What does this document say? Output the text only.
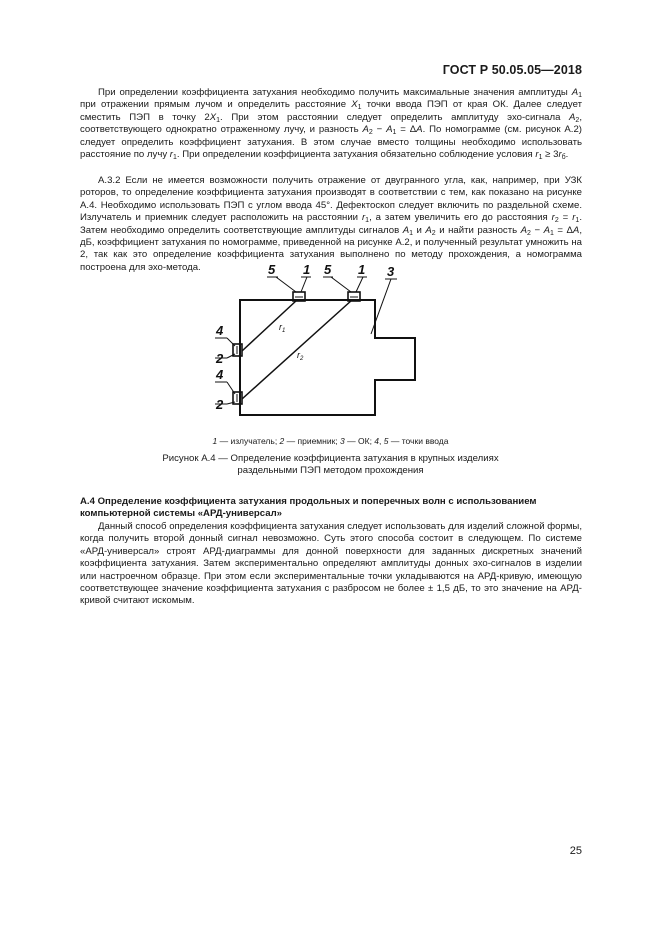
ГОСТ Р 50.05.05—2018

При определении коэффициента затухания необходимо получить максимальные значения амплитуды $A_1$ при отражении прямым лучом и определить расстояние $X_1$ точки ввода ПЭП от края ОК. Далее следует сместить ПЭП в точку $2X_1$. При этом расстоянии следует определить амплитуду эхо-сигнала $A_2$, соответствующего однократно отраженному лучу, и разность $A_2 - A_1 = \Delta A$. По номограмме (см. рисунок А.2) следует определить коэффициент затухания. В этом случае вместо толщины необходимо использовать расстояние по лучу $r_1$. При определении коэффициента затухания обязательно соблюдение условия $r_1 \ge 3r_б$.

А.3.2 Если не имеется возможности получить отражение от двугранного угла, как, например, при УЗК роторов, то определение коэффициента затухания производят в соответствии с тем, как показано на рисунке А.4. Необходимо использовать ПЭП с углом ввода 45°. Дефектоскоп следует включить по раздельной схеме. Излучатель и приемник следует расположить на расстоянии $r_1$, а затем увеличить его до расстояния $r_2 = r_1$. Затем необходимо определить соответствующие амплитуды сигналов $A_1$ и $A_2$ и найти разность $A_2 - A_1 = \Delta A$, дБ, коэффициент затухания по номограмме, приведенной на рисунке А.2, и полученный результат умножить на 2, так как это определение коэффициента затухания выполнено по методу прохождения, а номограмма построена для эхо-метода.	5 1 5 1 3
4
2
4
2
$r_1$
$r_2$
1 — излучатель; 2 — приемник; 3 — ОК; 4, 5 — точки ввода
Рисунок А.4 — Определение коэффициента затухания в крупных изделиях
раздельными ПЭП методом прохождения
А.4 Определение коэффициента затухания продольных и поперечных волн с использованием компьютерной системы «АРД-универсал»

Данный способ определения коэффициента затухания следует использовать для изделий сложной формы, когда получить второй донный сигнал невозможно. Суть этого способа состоит в следующем. По системе «АРД-универсал» строят АРД-диаграммы для донной поверхности для заданных дискретных значений коэффициента затухания. Затем экспериментально определяют амплитуды донных эхо-сигналов в изделии или настроечном образце. При этом если экспериментальные точки укладываются на АРД-кривую, имеющую соответствующее значение коэффициента затухания с разбросом не более ± 1,5 дБ, то это значение на АРД-кривой считают искомым.

25
